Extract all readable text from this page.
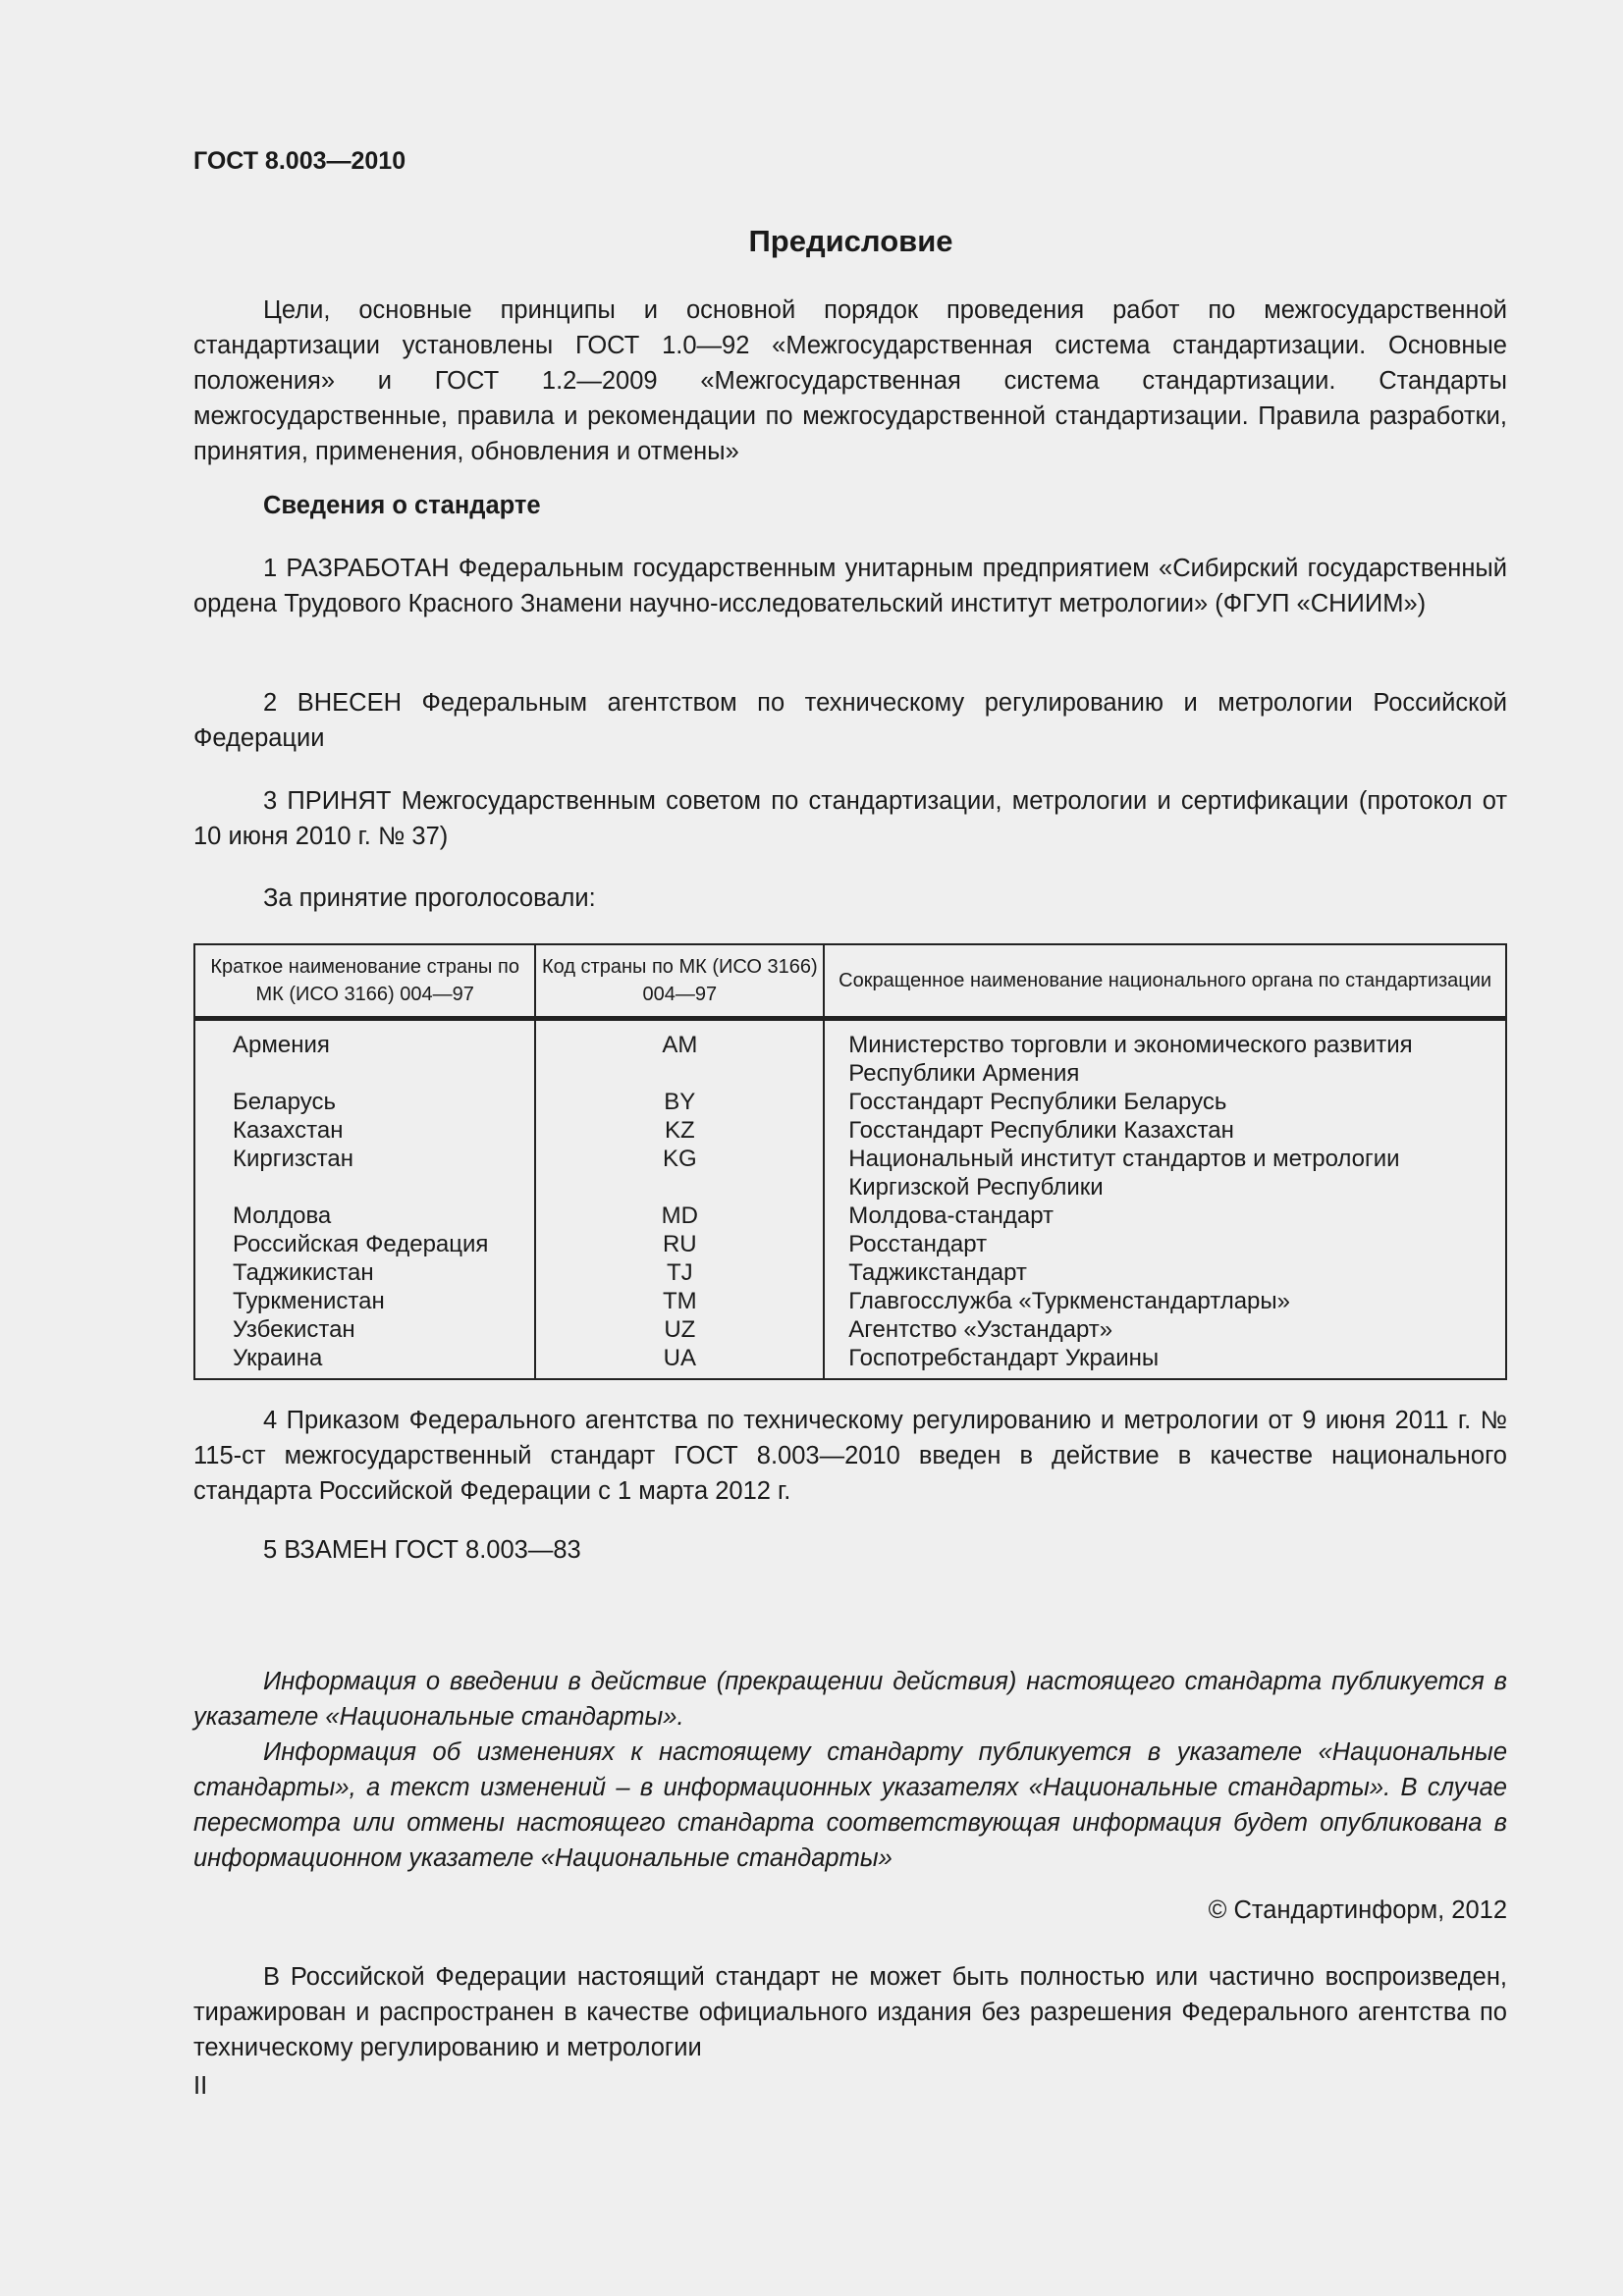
ГОСТ 8.003—2010
Предисловие
Цели, основные принципы и основной порядок проведения работ по межгосударственной стандартизации установлены ГОСТ 1.0—92 «Межгосударственная система стандартизации. Основные положения» и ГОСТ 1.2—2009 «Межгосударственная система стандартизации. Стандарты межгосударственные, правила и рекомендации по межгосударственной стандартизации. Правила разработки, принятия, применения, обновления и отмены»
Сведения о стандарте
1 РАЗРАБОТАН Федеральным государственным унитарным предприятием «Сибирский государственный ордена Трудового Красного Знамени научно-исследовательский институт метрологии» (ФГУП «СНИИМ»)
2 ВНЕСЕН Федеральным агентством по техническому регулированию и метрологии Российской Федерации
3 ПРИНЯТ Межгосударственным советом по стандартизации, метрологии и сертификации (протокол от 10 июня 2010 г. № 37)
За принятие проголосовали:
Краткое наименование страны по МК (ИСО 3166) 004—97	Код страны по МК (ИСО 3166) 004—97	Сокращенное наименование национального органа по стандартизации
Армения	AM	Министерство торговли и экономического развития Республики Армения
Беларусь	BY	Госстандарт Республики Беларусь
Казахстан	KZ	Госстандарт Республики Казахстан
Киргизстан	KG	Национальный институт стандартов и метрологии Киргизской Республики
Молдова	MD	Молдова-стандарт
Российская Федерация	RU	Росстандарт
Таджикистан	TJ	Таджикстандарт
Туркменистан	TM	Главгосслужба «Туркменстандартлары»
Узбекистан	UZ	Агентство «Узстандарт»
Украина	UA	Госпотребстандарт Украины
4 Приказом Федерального агентства по техническому регулированию и метрологии от 9 июня 2011 г. № 115-ст межгосударственный стандарт ГОСТ 8.003—2010 введен в действие в качестве национального стандарта Российской Федерации с 1 марта 2012 г.
5 ВЗАМЕН ГОСТ 8.003—83
Информация о введении в действие (прекращении действия) настоящего стандарта публикуется в указателе «Национальные стандарты».
Информация об изменениях к настоящему стандарту публикуется в указателе «Национальные стандарты», а текст изменений – в информационных указателях «Национальные стандарты». В случае пересмотра или отмены настоящего стандарта соответствующая информация будет опубликована в информационном указателе «Национальные стандарты»
© Стандартинформ, 2012
В Российской Федерации настоящий стандарт не может быть полностью или частично воспроизведен, тиражирован и распространен в качестве официального издания без разрешения Федерального агентства по техническому регулированию и метрологии
II
